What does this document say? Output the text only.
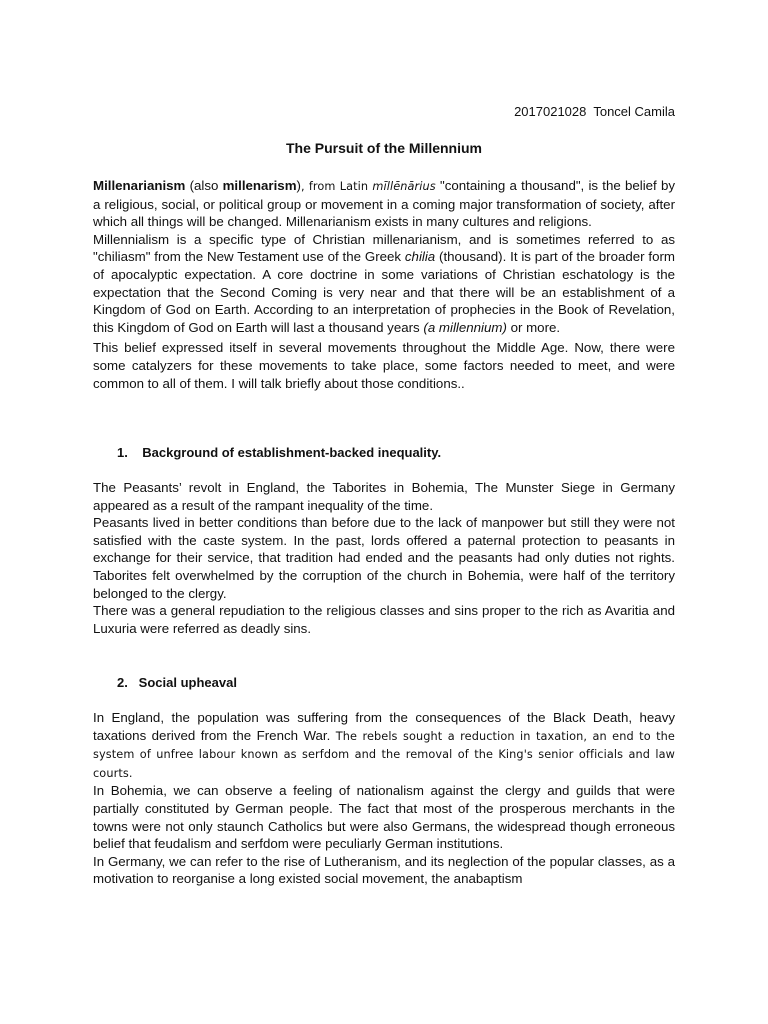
2017021028  Toncel Camila
The Pursuit of the Millennium

Millenarianism (also millenarism), from Latin mīllēnārius "containing a thousand", is the belief by a religious, social, or political group or movement in a coming major transformation of society, after which all things will be changed. Millenarianism exists in many cultures and religions.

Millennialism is a specific type of Christian millenarianism, and is sometimes referred to as "chiliasm" from the New Testament use of the Greek chilia (thousand). It is part of the broader form of apocalyptic expectation. A core doctrine in some variations of Christian eschatology is the expectation that the Second Coming is very near and that there will be an establishment of a Kingdom of God on Earth. According to an interpretation of prophecies in the Book of Revelation, this Kingdom of God on Earth will last a thousand years (a millennium) or more.

This belief expressed itself in several movements throughout the Middle Age. Now, there were some catalyzers for these movements to take place, some factors needed to meet, and were common to all of them. I will talk briefly about those conditions..

1.    Background of establishment-backed inequality.

The Peasants’ revolt in England, the Taborites in Bohemia, The Munster Siege in Germany appeared as a result of the rampant inequality of the time.

Peasants lived in better conditions than before due to the lack of manpower but still they were not satisfied with the caste system. In the past, lords offered a paternal protection to peasants in exchange for their service, that tradition had ended and the peasants had only duties not rights. Taborites felt overwhelmed by the corruption of the church in Bohemia, were half of the territory belonged to the clergy.

There was a general repudiation to the religious classes and sins proper to the rich as Avaritia and Luxuria were referred as deadly sins.

2.   Social upheaval

In England, the population was suffering from the consequences of the Black Death, heavy taxations derived from the French War. The rebels sought a reduction in taxation, an end to the system of unfree labour known as serfdom and the removal of the King's senior officials and law courts.

In Bohemia, we can observe a feeling of nationalism against the clergy and guilds that were partially constituted by German people. The fact that most of the prosperous merchants in the towns were not only staunch Catholics but were also Germans, the widespread though erroneous belief that feudalism and serfdom were peculiarly German institutions.

In Germany, we can refer to the rise of Lutheranism, and its neglection of the popular classes, as a motivation to reorganise a long existed social movement, the anabaptism
